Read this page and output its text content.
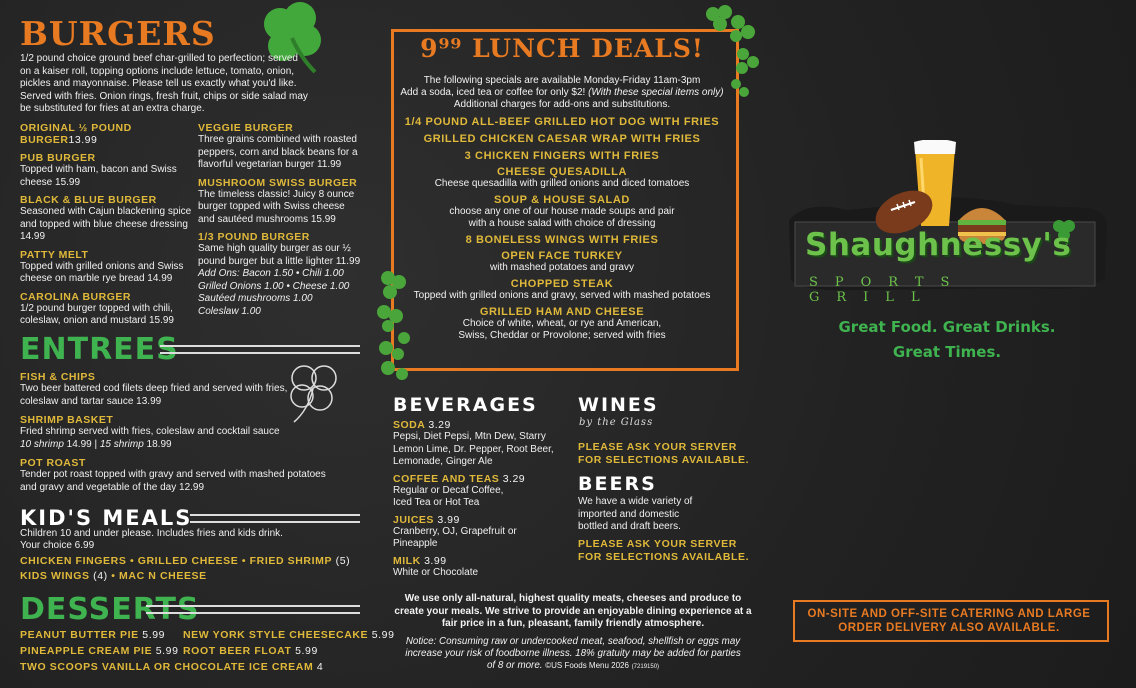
BURGERS
1/2 pound choice ground beef char-grilled to perfection; served on a kaiser roll, topping options include lettuce, tomato, onion, pickles and mayonnaise. Please tell us exactly what you'd like. Served with fries. Onion rings, fresh fruit, chips or side salad may be substituted for fries at an extra charge.
ORIGINAL ½ POUND BURGER13.99
PUB BURGER
Topped with ham, bacon and Swiss cheese 15.99
BLACK & BLUE BURGER
Seasoned with Cajun blackening spice and topped with blue cheese dressing 14.99
PATTY MELT
Topped with grilled onions and Swiss cheese on marble rye bread 14.99
CAROLINA BURGER
1/2 pound burger topped with chili, coleslaw, onion and mustard 15.99
VEGGIE BURGER
Three grains combined with roasted peppers, corn and black beans for a flavorful vegetarian burger 11.99
MUSHROOM SWISS BURGER
The timeless classic! Juicy 8 ounce burger topped with Swiss cheese and sautéed mushrooms 15.99
1/3 POUND BURGER
Same high quality burger as our ½ pound burger but a little lighter 11.99
Add Ons: Bacon 1.50 • Chili 1.00
Grilled Onions 1.00 • Cheese 1.00
Sautéed mushrooms 1.00
Coleslaw 1.00
ENTREES
FISH & CHIPS
Two beer battered cod filets deep fried and served with fries, coleslaw and tartar sauce 13.99
SHRIMP BASKET
Fried shrimp served with fries, coleslaw and cocktail sauce
10 shrimp 14.99 | 15 shrimp 18.99
POT ROAST
Tender pot roast topped with gravy and served with mashed potatoes and gravy and vegetable of the day 12.99
KID'S MEALS
Children 10 and under please. Includes fries and kids drink.
Your choice 6.99
CHICKEN FINGERS • GRILLED CHEESE • FRIED SHRIMP (5)
KIDS WINGS (4) • MAC N CHEESE
DESSERTS
PEANUT BUTTER PIE 5.99 NEW YORK STYLE CHEESECAKE 5.99
PINEAPPLE CREAM PIE 5.99 ROOT BEER FLOAT 5.99
TWO SCOOPS VANILLA OR CHOCOLATE ICE CREAM 4
9⁹⁹ LUNCH DEALS!
The following specials are available Monday-Friday 11am-3pm
Add a soda, iced tea or coffee for only $2! (With these special items only)
Additional charges for add-ons and substitutions.
1/4 POUND ALL-BEEF GRILLED HOT DOG WITH FRIES
GRILLED CHICKEN CAESAR WRAP WITH FRIES
3 CHICKEN FINGERS WITH FRIES
CHEESE QUESADILLA
Cheese quesadilla with grilled onions and diced tomatoes
SOUP & HOUSE SALAD
choose any one of our house made soups and pair with a house salad with choice of dressing
8 BONELESS WINGS WITH FRIES
OPEN FACE TURKEY
with mashed potatoes and gravy
CHOPPED STEAK
Topped with grilled onions and gravy, served with mashed potatoes
GRILLED HAM AND CHEESE
Choice of white, wheat, or rye and American, Swiss, Cheddar or Provolone; served with fries
BEVERAGES
SODA 3.29
Pepsi, Diet Pepsi, Mtn Dew, Starry Lemon Lime, Dr. Pepper, Root Beer, Lemonade, Ginger Ale
COFFEE AND TEAS 3.29
Regular or Decaf Coffee, Iced Tea or Hot Tea
JUICES 3.99
Cranberry, OJ, Grapefruit or Pineapple
MILK 3.99
White or Chocolate
WINES
by the Glass
PLEASE ASK YOUR SERVER FOR SELECTIONS AVAILABLE.
BEERS
We have a wide variety of imported and domestic bottled and draft beers.
PLEASE ASK YOUR SERVER FOR SELECTIONS AVAILABLE.
We use only all-natural, highest quality meats, cheeses and produce to create your meals. We strive to provide an enjoyable dining experience at a fair price in a fun, pleasant, family friendly atmosphere.
Notice: Consuming raw or undercooked meat, seafood, shellfish or eggs may increase your risk of foodborne illness. 18% gratuity may be added for parties of 8 or more. ©US Foods Menu 2026 (7219150)
Shaughnessy's
SPORTS GRILL
Great Food. Great Drinks.
Great Times.
ON-SITE AND OFF-SITE CATERING AND LARGE ORDER DELIVERY ALSO AVAILABLE.
